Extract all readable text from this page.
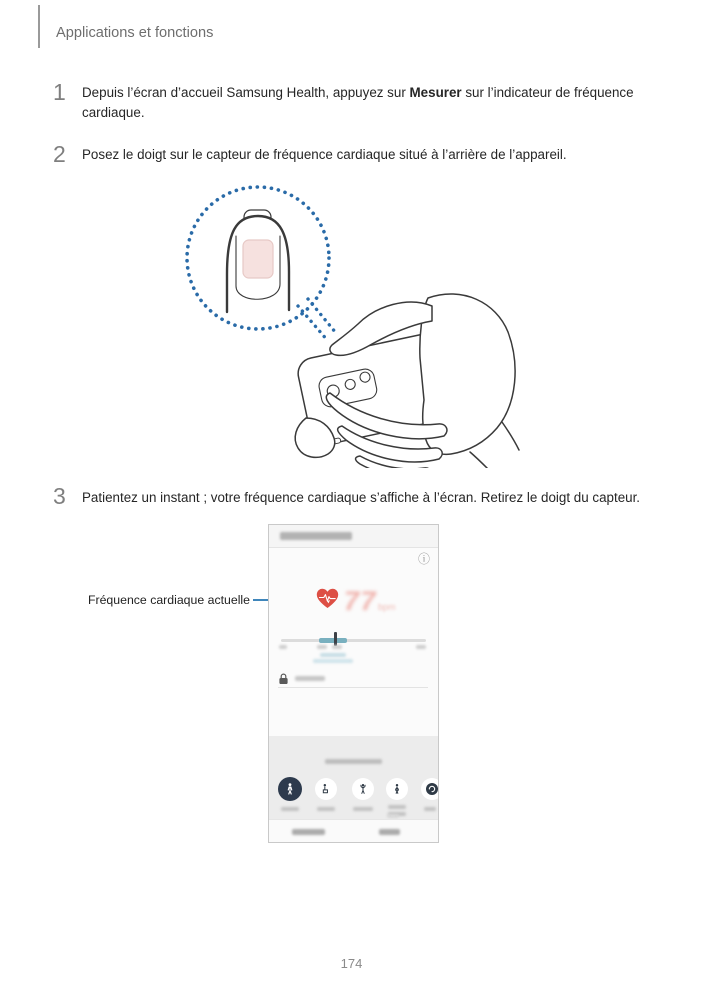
Applications et fonctions
1 Depuis l’écran d’accueil Samsung Health, appuyez sur Mesurer sur l’indicateur de fréquence cardiaque.
2 Posez le doigt sur le capteur de fréquence cardiaque situé à l’arrière de l’appareil.
3 Patientez un instant ; votre fréquence cardiaque s’affiche à l’écran. Retirez le doigt du capteur.
Fréquence cardiaque actuelle
ⓘ
77 bpm
174
